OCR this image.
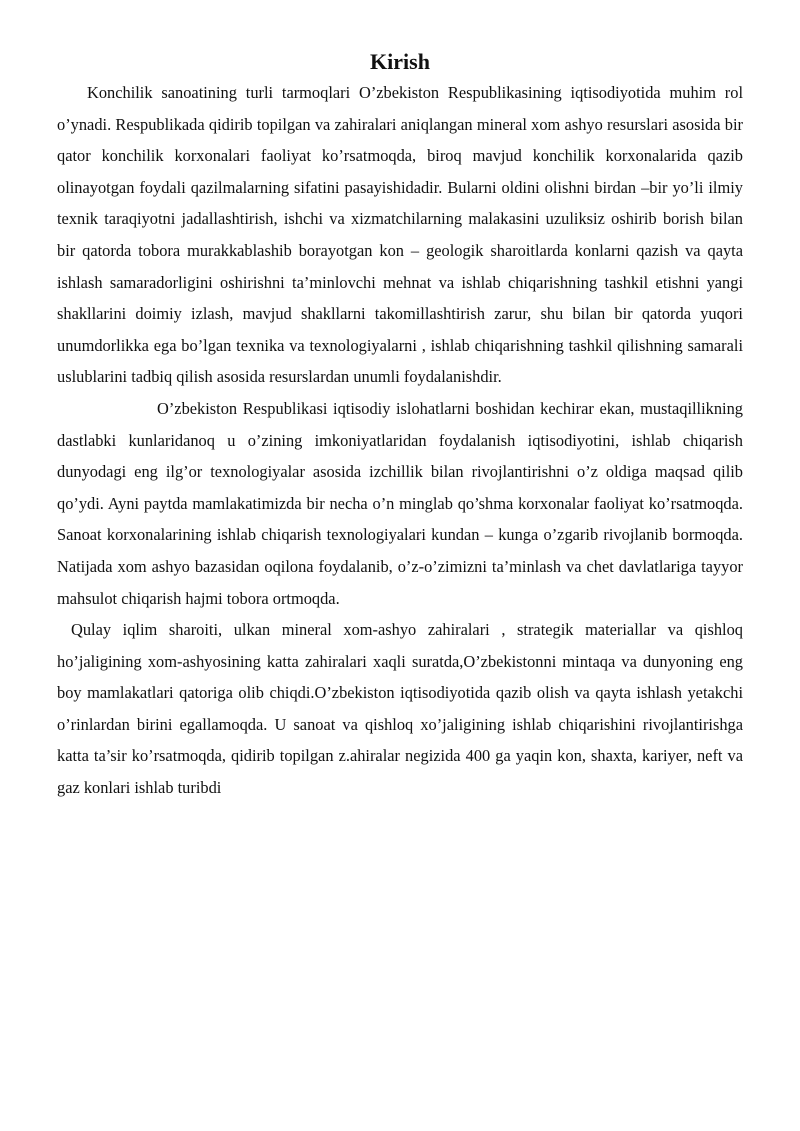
Kirish

Konchilik sanoatining turli tarmoqlari O’zbekiston Respublikasining iqtisodiyotida muhim rol o’ynadi. Respublikada qidirib topilgan va zahiralari aniqlangan mineral xom ashyo resurslari asosida bir qator konchilik korxonalari faoliyat ko’rsatmoqda, biroq mavjud konchilik korxonalarida qazib olinayotgan foydali qazilmalarning sifatini pasayishidadir. Bularni oldini olishni birdan –bir yo’li ilmiy texnik taraqiyotni jadallashtirish, ishchi va xizmatchilarning malakasini uzuliksiz oshirib borish bilan bir qatorda tobora murakkablashib borayotgan kon – geologik sharoitlarda konlarni qazish va qayta ishlash samaradorligini oshirishni ta’minlovchi mehnat va ishlab chiqarishning tashkil etishni yangi shakllarini doimiy izlash, mavjud shakllarni takomillashtirish zarur, shu bilan bir qatorda yuqori unumdorlikka ega bo’lgan texnika va texnologiyalarni , ishlab chiqarishning tashkil qilishning samarali uslublarini tadbiq qilish asosida resurslardan unumli foydalanishdir.

O’zbekiston Respublikasi iqtisodiy islohatlarni boshidan kechirar ekan, mustaqillikning dastlabki kunlaridanoq u o’zining imkoniyatlaridan foydalanish iqtisodiyotini, ishlab chiqarish dunyodagi eng ilg’or texnologiyalar asosida izchillik bilan rivojlantirishni o’z oldiga maqsad qilib qo’ydi. Ayni paytda mamlakatimizda bir necha o’n minglab qo’shma korxonalar faoliyat ko’rsatmoqda. Sanoat korxonalarining ishlab chiqarish texnologiyalari kundan – kunga o’zgarib rivojlanib bormoqda. Natijada xom ashyo bazasidan oqilona foydalanib, o’z-o’zimizni ta’minlash va chet davlatlariga tayyor mahsulot chiqarish hajmi tobora ortmoqda.

Qulay iqlim sharoiti, ulkan mineral xom-ashyo zahiralari , strategik materiallar va qishloq ho’jaligining xom-ashyosining katta zahiralari xaqli suratda,O’zbekistonni mintaqa va dunyoning eng boy mamlakatlari qatoriga olib chiqdi.O’zbekiston iqtisodiyotida qazib olish va qayta ishlash yetakchi o’rinlardan birini egallamoqda. U sanoat va qishloq xo’jaligining ishlab chiqarishini rivojlantirishga katta ta’sir ko’rsatmoqda, qidirib topilgan z.ahiralar negizida 400 ga yaqin kon, shaxta, kariyer, neft va gaz konlari ishlab turibdi
